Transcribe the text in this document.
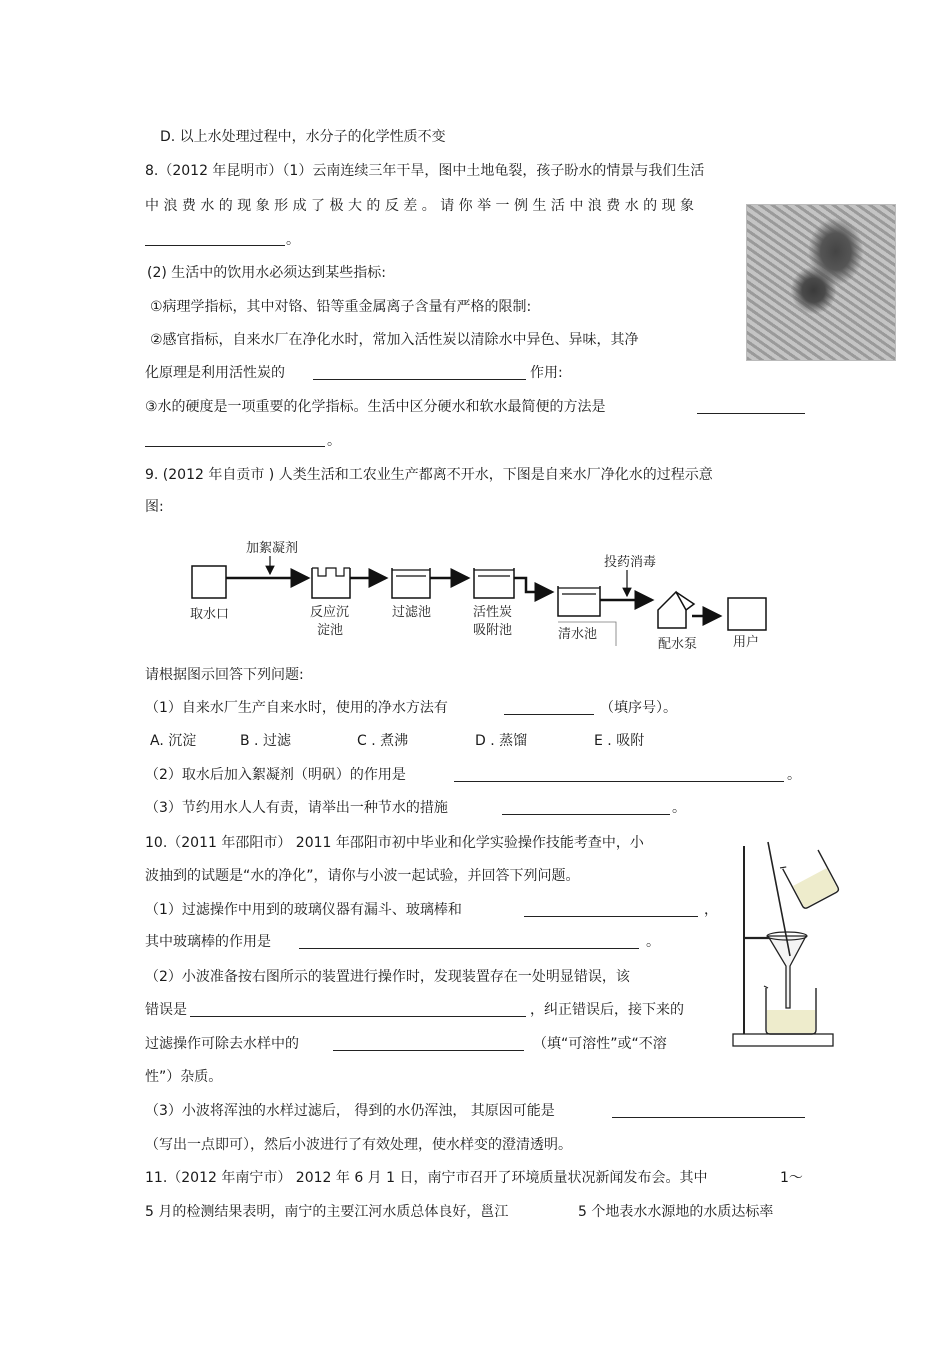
D. 以上水处理过程中，水分子的化学性质不变
8.（2012 年昆明市）（1）云南连续三年干旱，图中土地龟裂，孩子盼水的情景与我们生活
中 浪 费 水 的 现 象 形 成 了 极 大 的 反 差 。 请 你 举 一 例 生 活 中 浪 费 水 的 现 象
。
(2) 生活中的饮用水必须达到某些指标:
①病理学指标，其中对铬、铅等重金属离子含量有严格的限制:
②感官指标，自来水厂在净化水时，常加入活性炭以清除水中异色、异味，其净
化原理是利用活性炭的	作用:
③水的硬度是一项重要的化学指标。生活中区分硬水和软水最简便的方法是
。
9. (2012 年自贡市 ) 人类生活和工农业生产都离不开水，下图是自来水厂净化水的过程示意
图:
取水口
加絮凝剂
反应沉
淀池
过滤池	活性炭
吸附池	清水池
投药消毒
配水泵	用户
请根据图示回答下列问题:
（1）自来水厂生产自来水时，使用的净水方法有	（填序号）。
A. 沉淀	B . 过滤	C . 煮沸	D . 蒸馏	E . 吸附
（2）取水后加入絮凝剂（明矾）的作用是	。
（3）节约用水人人有责，请举出一种节水的措施	。
10.（2011 年邵阳市） 2011 年邵阳市初中毕业和化学实验操作技能考查中，小
波抽到的试题是“水的净化”，请你与小波一起试验，并回答下列问题。
（1）过滤操作中用到的玻璃仪器有漏斗、玻璃棒和	，
其中玻璃棒的作用是	。
（2）小波准备按右图所示的装置进行操作时，发现装置存在一处明显错误，该
错误是	，纠正错误后，接下来的
过滤操作可除去水样中的	（填“可溶性”或“不溶
性”）杂质。
（3）小波将浑浊的水样过滤后， 得到的水仍浑浊， 其原因可能是
（写出一点即可），然后小波进行了有效处理，使水样变的澄清透明。
11.（2012 年南宁市） 2012 年 6 月 1 日，南宁市召开了环境质量状况新闻发布会。其中	1～
5 月的检测结果表明，南宁的主要江河水质总体良好，邕江	5 个地表水水源地的水质达标率
